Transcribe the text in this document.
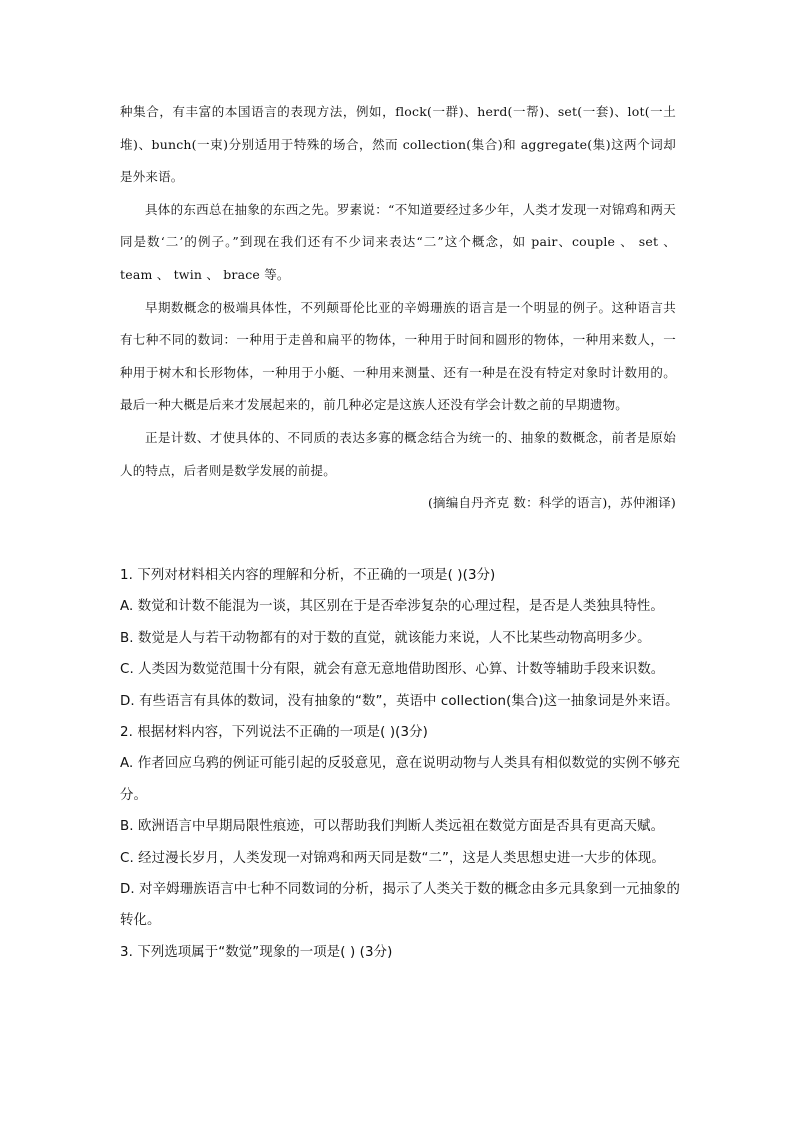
种集合，有丰富的本国语言的表现方法，例如，flock(一群)、herd(一帮)、set(一套)、lot(一土堆)、bunch(一束)分别适用于特殊的场合，然而 collection(集合)和 aggregate(集)这两个词却是外来语。

具体的东西总在抽象的东西之先。罗素说：“不知道要经过多少年，人类才发现一对锦鸡和两天同是数‘二’的例子。”到现在我们还有不少词来表达“二”这个概念，如 pair、couple 、 set 、 team 、 twin 、 brace 等。

早期数概念的极端具体性，不列颠哥伦比亚的辛姆珊族的语言是一个明显的例子。这种语言共有七种不同的数词：一种用于走兽和扁平的物体，一种用于时间和圆形的物体，一种用来数人，一种用于树木和长形物体，一种用于小艇、一种用来测量、还有一种是在没有特定对象时计数用的。最后一种大概是后来才发展起来的，前几种必定是这族人还没有学会计数之前的早期遗物。

正是计数、才使具体的、不同质的表达多寡的概念结合为统一的、抽象的数概念，前者是原始人的特点，后者则是数学发展的前提。

(摘编自丹齐克 数：科学的语言)，苏仲湘译)

1. 下列对材料相关内容的理解和分析，不正确的一项是( )(3分)

A. 数觉和计数不能混为一谈，其区别在于是否牵涉复杂的心理过程，是否是人类独具特性。

B. 数觉是人与若干动物都有的对于数的直觉，就该能力来说，人不比某些动物高明多少。

C. 人类因为数觉范围十分有限，就会有意无意地借助图形、心算、计数等辅助手段来识数。

D. 有些语言有具体的数词，没有抽象的“数”，英语中 collection(集合)这一抽象词是外来语。

2. 根据材料内容，下列说法不正确的一项是( )(3分)

A. 作者回应乌鸦的例证可能引起的反驳意见，意在说明动物与人类具有相似数觉的实例不够充分。

B. 欧洲语言中早期局限性痕迹，可以帮助我们判断人类远祖在数觉方面是否具有更高天赋。

C. 经过漫长岁月，人类发现一对锦鸡和两天同是数“二”，这是人类思想史进一大步的体现。

D. 对辛姆珊族语言中七种不同数词的分析，揭示了人类关于数的概念由多元具象到一元抽象的转化。

3. 下列选项属于“数觉”现象的一项是( ) (3分)
